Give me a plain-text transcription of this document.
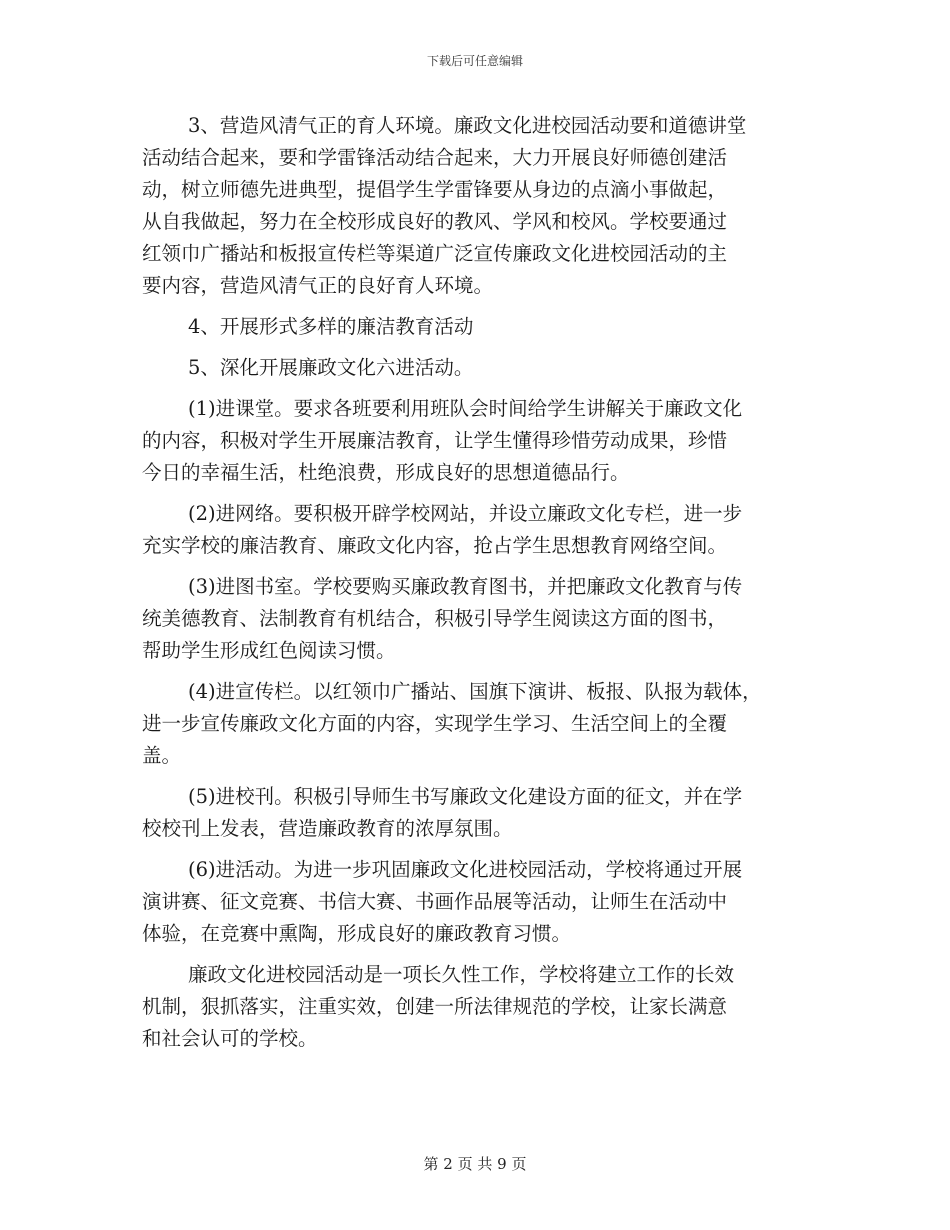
下载后可任意编辑
3、营造风清气正的育人环境。廉政文化进校园活动要和道德讲堂
活动结合起来，要和学雷锋活动结合起来，大力开展良好师德创建活
动，树立师德先进典型，提倡学生学雷锋要从身边的点滴小事做起，
从自我做起，努力在全校形成良好的教风、学风和校风。学校要通过
红领巾广播站和板报宣传栏等渠道广泛宣传廉政文化进校园活动的主
要内容，营造风清气正的良好育人环境。
4、开展形式多样的廉洁教育活动
5、深化开展廉政文化六进活动。
(1)进课堂。要求各班要利用班队会时间给学生讲解关于廉政文化
的内容，积极对学生开展廉洁教育，让学生懂得珍惜劳动成果，珍惜
今日的幸福生活，杜绝浪费，形成良好的思想道德品行。
(2)进网络。要积极开辟学校网站，并设立廉政文化专栏，进一步
充实学校的廉洁教育、廉政文化内容，抢占学生思想教育网络空间。
(3)进图书室。学校要购买廉政教育图书，并把廉政文化教育与传
统美德教育、法制教育有机结合，积极引导学生阅读这方面的图书，
帮助学生形成红色阅读习惯。
(4)进宣传栏。以红领巾广播站、国旗下演讲、板报、队报为载体，
进一步宣传廉政文化方面的内容，实现学生学习、生活空间上的全覆
盖。
(5)进校刊。积极引导师生书写廉政文化建设方面的征文，并在学
校校刊上发表，营造廉政教育的浓厚氛围。
(6)进活动。为进一步巩固廉政文化进校园活动，学校将通过开展
演讲赛、征文竞赛、书信大赛、书画作品展等活动，让师生在活动中
体验，在竞赛中熏陶，形成良好的廉政教育习惯。
廉政文化进校园活动是一项长久性工作，学校将建立工作的长效
机制，狠抓落实，注重实效，创建一所法律规范的学校，让家长满意
和社会认可的学校。
第 2 页 共 9 页
